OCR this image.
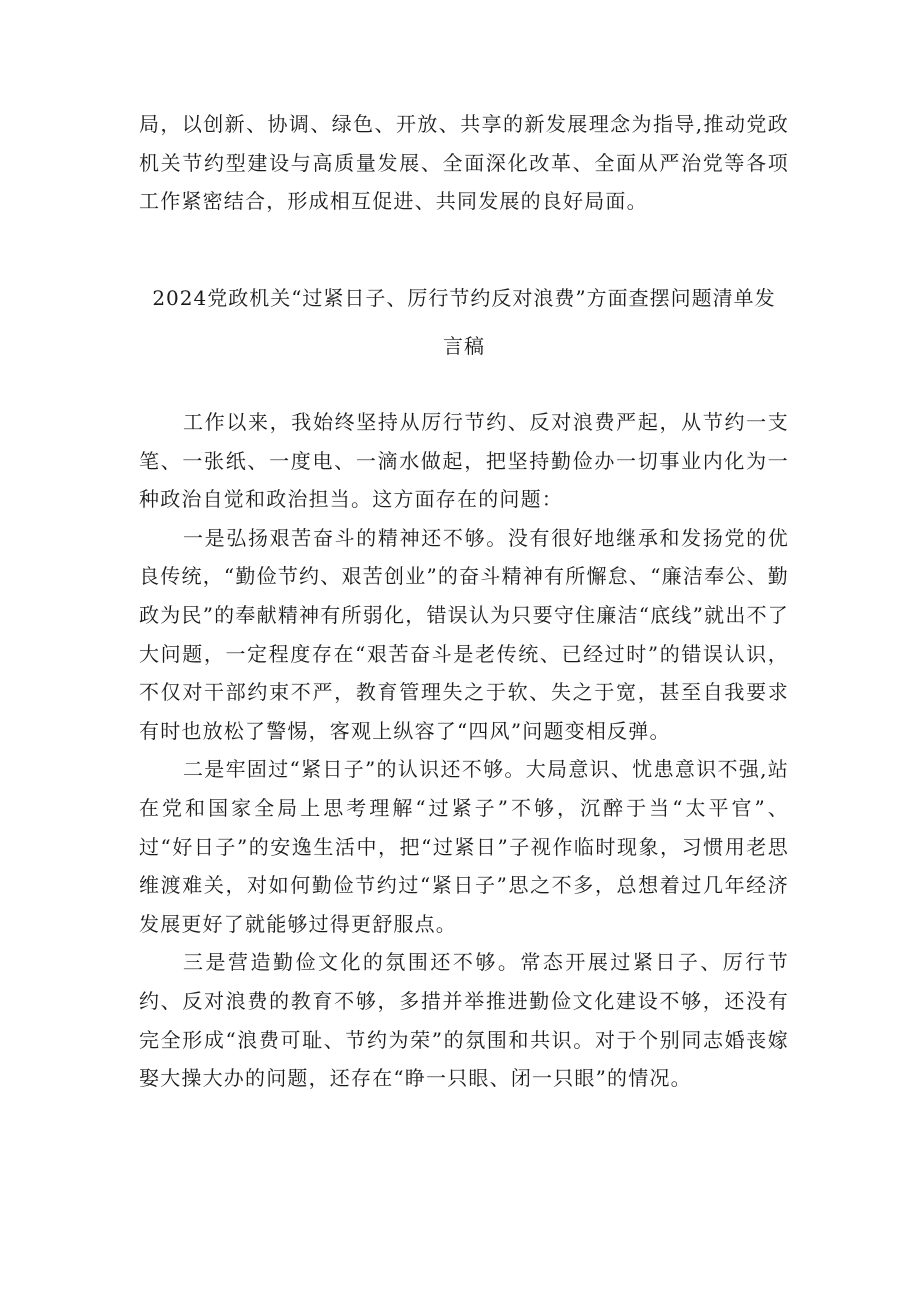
局，以创新、协调、绿色、开放、共享的新发展理念为指导,推动党政机关节约型建设与高质量发展、全面深化改革、全面从严治党等各项工作紧密结合，形成相互促进、共同发展的良好局面。
2024党政机关“过紧日子、厉行节约反对浪费”方面查摆问题清单发
言稿

工作以来，我始终坚持从厉行节约、反对浪费严起，从节约一支笔、一张纸、一度电、一滴水做起，把坚持勤俭办一切事业内化为一种政治自觉和政治担当。这方面存在的问题：

一是弘扬艰苦奋斗的精神还不够。没有很好地继承和发扬党的优良传统，“勤俭节约、艰苦创业”的奋斗精神有所懈怠、“廉洁奉公、勤政为民”的奉献精神有所弱化，错误认为只要守住廉洁“底线”就出不了大问题，一定程度存在“艰苦奋斗是老传统、已经过时”的错误认识，不仅对干部约束不严，教育管理失之于软、失之于宽，甚至自我要求有时也放松了警惕，客观上纵容了“四风”问题变相反弹。

二是牢固过“紧日子”的认识还不够。大局意识、忧患意识不强,站在党和国家全局上思考理解“过紧子”不够，沉醉于当“太平官”、过“好日子”的安逸生活中，把“过紧日”子视作临时现象，习惯用老思维渡难关，对如何勤俭节约过“紧日子”思之不多，总想着过几年经济发展更好了就能够过得更舒服点。

三是营造勤俭文化的氛围还不够。常态开展过紧日子、厉行节约、反对浪费的教育不够，多措并举推进勤俭文化建设不够，还没有完全形成“浪费可耻、节约为荣”的氛围和共识。对于个别同志婚丧嫁娶大操大办的问题，还存在“睁一只眼、闭一只眼”的情况。
